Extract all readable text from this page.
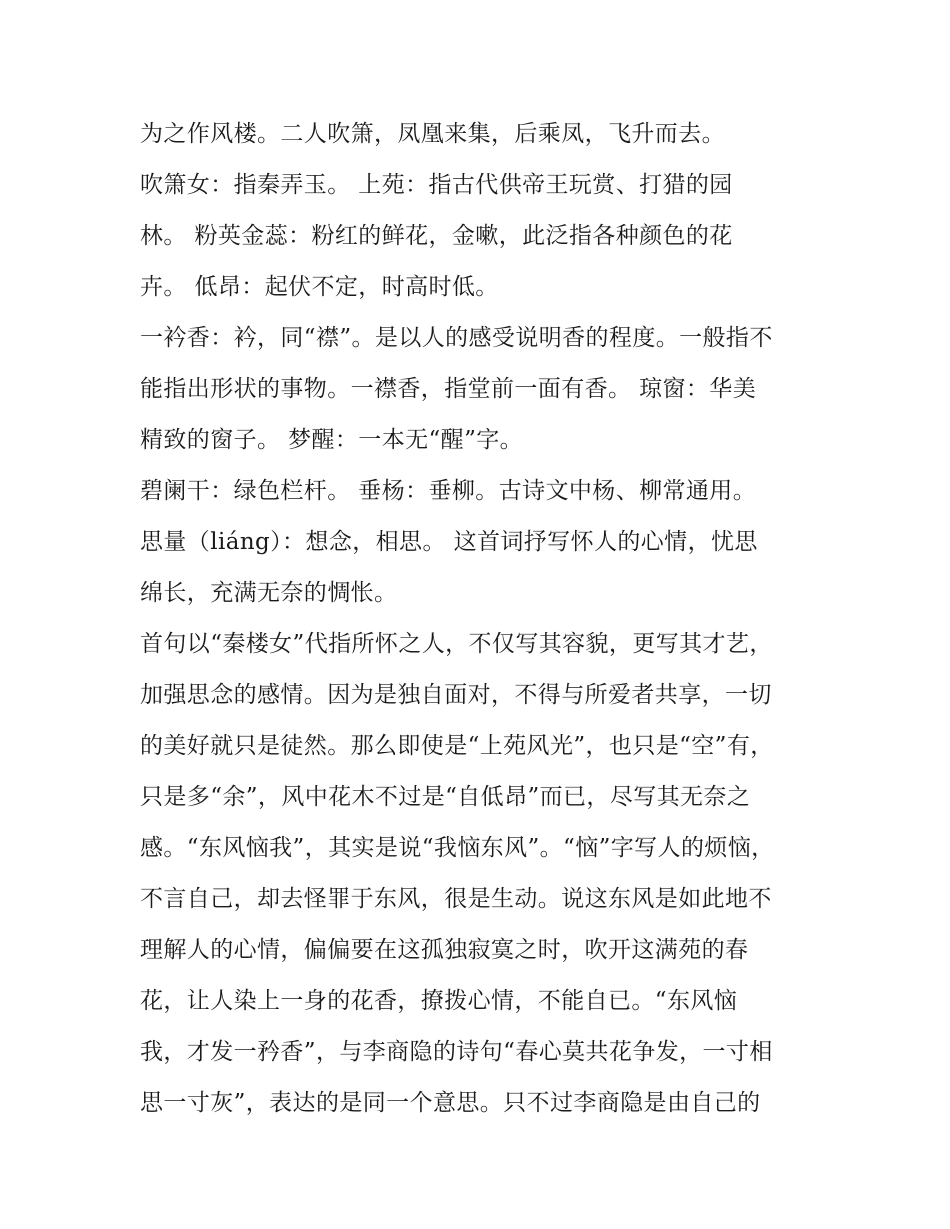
为之作风楼。二人吹箫，凤凰来集，后乘凤，飞升而去。
吹箫女：指秦弄玉。 上苑：指古代供帝王玩赏、打猎的园
林。 粉英金蕊：粉红的鲜花，金嗽，此泛指各种颜色的花
卉。 低昂：起伏不定，时高时低。
一衿香：衿，同“襟”。是以人的感受说明香的程度。一般指不
能指出形状的事物。一襟香，指堂前一面有香。 琼窗：华美
精致的窗子。 梦醒：一本无“醒”字。
碧阑干：绿色栏杆。 垂杨：垂柳。古诗文中杨、柳常通用。
思量（liáng）：想念，相思。 这首词抒写怀人的心情，忧思
绵长，充满无奈的惆怅。
首句以“秦楼女”代指所怀之人，不仅写其容貌，更写其才艺，
加强思念的感情。因为是独自面对，不得与所爱者共享，一切
的美好就只是徒然。那么即使是“上苑风光”，也只是“空”有，
只是多“余”，风中花木不过是“自低昂”而已，尽写其无奈之
感。“东风恼我”，其实是说“我恼东风”。“恼”字写人的烦恼，
不言自己，却去怪罪于东风，很是生动。说这东风是如此地不
理解人的心情，偏偏要在这孤独寂寞之时，吹开这满苑的春
花，让人染上一身的花香，撩拨心情，不能自已。“东风恼
我，才发一矜香”，与李商隐的诗句“春心莫共花争发，一寸相
思一寸灰”，表达的是同一个意思。只不过李商隐是由自己的
